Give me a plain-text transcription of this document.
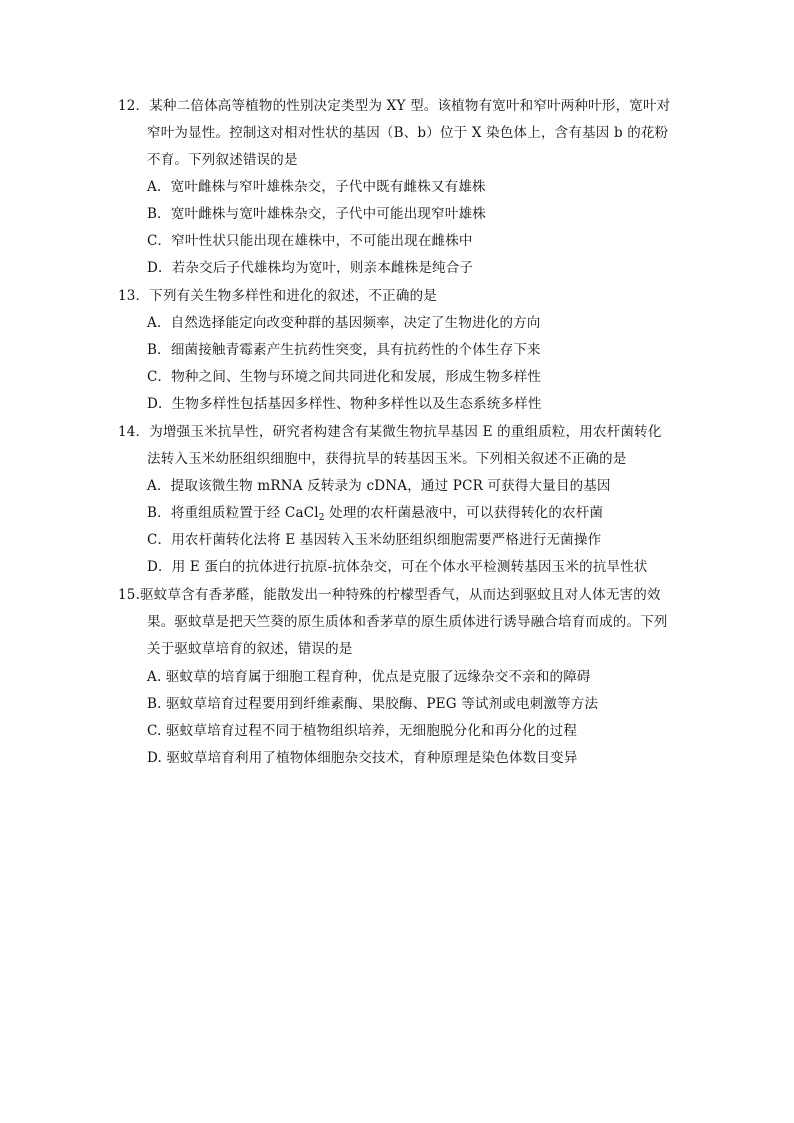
12．某种二倍体高等植物的性别决定类型为 XY 型。该植物有宽叶和窄叶两种叶形，宽叶对
窄叶为显性。控制这对相对性状的基因（B、b）位于 X 染色体上，含有基因 b 的花粉
不育。下列叙述错误的是
A．宽叶雌株与窄叶雄株杂交，子代中既有雌株又有雄株
B．宽叶雌株与宽叶雄株杂交，子代中可能出现窄叶雄株
C．窄叶性状只能出现在雄株中，不可能出现在雌株中
D．若杂交后子代雄株均为宽叶，则亲本雌株是纯合子
13．下列有关生物多样性和进化的叙述，不正确的是
A．自然选择能定向改变种群的基因频率，决定了生物进化的方向
B．细菌接触青霉素产生抗药性突变，具有抗药性的个体生存下来
C．物种之间、生物与环境之间共同进化和发展，形成生物多样性
D．生物多样性包括基因多样性、物种多样性以及生态系统多样性
14．为增强玉米抗旱性，研究者构建含有某微生物抗旱基因 E 的重组质粒，用农杆菌转化
法转入玉米幼胚组织细胞中，获得抗旱的转基因玉米。下列相关叙述不正确的是
A．提取该微生物 mRNA 反转录为 cDNA，通过 PCR 可获得大量目的基因
B．将重组质粒置于经 CaCl$_2$ 处理的农杆菌悬液中，可以获得转化的农杆菌
C．用农杆菌转化法将 E 基因转入玉米幼胚组织细胞需要严格进行无菌操作
D．用 E 蛋白的抗体进行抗原-抗体杂交，可在个体水平检测转基因玉米的抗旱性状
15.驱蚊草含有香茅醛，能散发出一种特殊的柠檬型香气，从而达到驱蚊且对人体无害的效
果。驱蚊草是把天竺葵的原生质体和香茅草的原生质体进行诱导融合培育而成的。下列
关于驱蚊草培育的叙述，错误的是
A. 驱蚊草的培育属于细胞工程育种，优点是克服了远缘杂交不亲和的障碍
B. 驱蚊草培育过程要用到纤维素酶、果胶酶、PEG 等试剂或电刺激等方法
C. 驱蚊草培育过程不同于植物组织培养，无细胞脱分化和再分化的过程
D. 驱蚊草培育利用了植物体细胞杂交技术，育种原理是染色体数目变异
